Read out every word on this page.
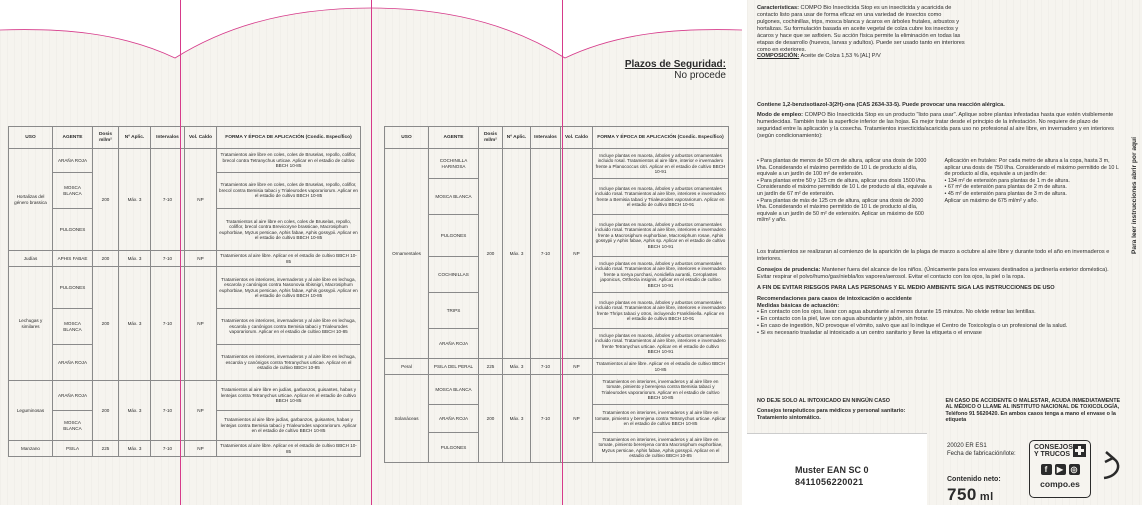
Plazos de Seguridad:
No procede
USO	AGENTE	Dosis ml/m²	Nº Aplic.	Intervalos	Vol. Caldo	FORMA Y ÉPOCA DE APLICACIÓN (Condic. Específico)
Hortalizas del género brassica	ARAÑA ROJA	200	Máx. 3	7-10	NP	Tratamientos aire libre en coles, coles de Bruselas, repollo, coliflor, brecol contra Tetranychus urticae. Aplicar en el estadio de cultivo BBCH 10-85
	MOSCA BLANCA					Tratamientos aire libre en coles, coles de Bruselas, repollo, coliflor, brecol contra Bemisia tabaci y Trialeurodes vaporariorum. Aplicar en el estadio de cultivo BBCH 10-85
	PULGONES					Tratamientos al aire libre en coles, coles de Bruselas, repollo, coliflor, brecol contra Brevicoryne brassicae, Macrosiphum euphorbiae, Myzus persicae, Aphis fabae, Aphis gossypii. Aplicar en el estadio de cultivo BBCH 10-85
Judías	APHIS FABAE	200	Máx. 3	7-10	NP	Tratamientos al aire libre. Aplicar en el estadio de cultivo BBCH 10-85
Lechugas y similares	PULGONES	200	Máx. 3	7-10	NP	Tratamientos en interiores, invernaderos y al aire libre en lechuga, escarola y canónigos contra Nasonovia ribisnigri, Macrosiphum euphorbiae, Myzus persicae, Aphis fabae, Aphis gossypii. Aplicar en el estadio de cultivo BBCH 10-85
	MOSCA BLANCA					Tratamientos en interiores, invernaderos y al aire libre en lechuga, escarola y canónigos contra Bemisia tabaci y Trialeurodes vaporariorum. Aplicar en el estadio de cultivo BBCH 10-85
	ARAÑA ROJA					Tratamientos en interiores, invernaderos y al aire libre en lechuga, escarola y canónigos contra Tetranychus urticae. Aplicar en el estadio de cultivo BBCH 10-85
Leguminosas	ARAÑA ROJA	200	Máx. 3	7-10	NP	Tratamientos al aire libre en judías, garbanzos, guisantes, habas y lentejas contra Tetranychus urticae. Aplicar en el estadio de cultivo BBCH 10-85
	MOSCA BLANCA					Tratamientos al aire libre judías, garbanzos, guisantes, habas y lentejas contra Bemisia tabaci y Trialeurodes vaporariorum. Aplicar en el estadio de cultivo BBCH 10-85
Manzano	PSILA	225	Máx. 3	7-10	NP	Tratamientos al aire libre. Aplicar en el estadio de cultivo BBCH 10-85
USO	AGENTE	Dosis ml/m²	Nº Aplic.	Intervalos	Vol. Caldo	FORMA Y ÉPOCA DE APLICACIÓN (Condic. Específico)
Ornamentales	COCHINILLA HARINOSA	200	Máx. 3	7-10	NP	Incluye plantas en maceta, árboles y arbustos ornamentales incluido rosal. Tratamientos al aire libre, interior e invernadero frente a Planococcus citri. Aplicar en el estadio de cultivo BBCH 10-91
	MOSCA BLANCA					Incluye plantas en maceta, árboles y arbustos ornamentales incluido rosal. Tratamientos al aire libre, interiores e invernadero frente a Bemisia tabaci y Trialeurodes vaporariorum. Aplicar en el estadio de cultivo BBCH 10-91
	PULGONES					Incluye plantas en maceta, árboles y arbustos ornamentales incluido rosal. Tratamientos al aire libre, interiores e invernadero frente a Macrosiphum euphorbiae, Macrosiphum rosae, Aphis gossypii y Aphis fabae, Aphis sp. Aplicar en el estadio de cultivo BBCH 10-91
	COCHINILLAS					Incluye plantas en maceta, árboles y arbustos ornamentales incluido rosal. Tratamientos al aire libre, interiores e invernadero frente a Icerya purchasi, Aonidiella aurantii, Ceroplastes japonicus, Orthezia insignis. Aplicar en el estadio de cultivo BBCH 10-91
	TRIPS					Incluye plantas en maceta, árboles y arbustos ornamentales incluido rosal. Tratamientos al aire libre, interiores e invernadero frente Thrips tabaci y otros, incluyendo Frankliniella. Aplicar en el estadio de cultivo BBCH 10-91
	ARAÑA ROJA					Incluye plantas en maceta, árboles y arbustos ornamentales incluido rosal. Tratamientos al aire libre, interiores e invernadero frente Tetranychus urticae. Aplicar en el estadio de cultivo BBCH 10-91
Peral	PSILA DEL PERAL	225	Máx. 3	7-10	NP	Tratamientos al aire libre. Aplicar en el estadio de cultivo BBCH 10-85
Solanáceas	MOSCA BLANCA	200	Máx. 3	7-10	NP	Tratamientos en interiores, invernaderos y al aire libre en tomate, pimiento y berenjena contra Bemisia tabaci y Trialeurodes vaporariorum. Aplicar en el estadio de cultivo BBCH 10-85
	ARAÑA ROJA					Tratamientos en interiores, invernaderos y al aire libre en tomate, pimiento y berenjena contra Tetranychus urticae. Aplicar en el estadio de cultivo BBCH 10-85
	PULGONES					Tratamientos en interiores, invernaderos y al aire libre en tomate, pimiento berenjena contra Macrosiphum euphorbiae, Myzus persicae, Aphis fabae, Aphis gossypii. Aplicar en el estadio de cultivo BBCH 10-85
Características: COMPO Bio Insecticida Stop es un insecticida y acaricida de contacto listo para usar de forma eficaz en una variedad de insectos como pulgones, cochinillas, trips, mosca blanca y ácaros en árboles frutales, arbustos y hortalizas. Su formulación basada en aceite vegetal de colza cubre los insectos y ácaros y hace que se asfixien. Su acción física permite la eliminación en todas las etapas de desarrollo (huevos, larvas y adultos). Puede ser usado tanto en interiores como en exteriores.
COMPOSICIÓN: Aceite de Colza 1,53 % [AL] P/V
Contiene 1,2-benzisotiazol-3(2H)-ona (CAS 2634-33-5). Puede provocar una reacción alérgica.
Modo de empleo: COMPO Bio Insecticida Stop es un producto "listo para usar". Aplique sobre plantas infestadas hasta que estén visiblemente humedecidas. También trate la superficie inferior de las hojas. Es mejor tratar desde el principio de la infestación. No requiere de plazo de seguridad entre la aplicación y la cosecha. Tratamientos insecticida/acaricida para uso no profesional al aire libre, en invernadero y en interiores (según condicionamiento):
• Para plantas de menos de 50 cm de altura, aplicar una dosis de 1000 l/ha. Considerando el máximo permitido de 10 L de producto al día, equivale a un jardín de 100 m² de extensión.
• Para plantas entre 50 y 125 cm de altura, aplicar una dosis 1500 l/ha. Considerando el máximo permitido de 10 L de producto al día, equivale a un jardín de 67 m² de extensión.
• Para plantas de más de 125 cm de altura, aplicar una dosis de 2000 l/ha. Considerando el máximo permitido de 10 L de producto al día, equivale a un jardín de 50 m² de extensión. Aplicar un máximo de 600 ml/m² y año.
Aplicación en frutales: Por cada metro de altura a la copa, hasta 3 m, aplicar una dosis de 750 l/ha. Considerando el máximo permitido de 10 L de producto al día, equivale a un jardín de:
• 134 m² de extensión para plantas de 1 m de altura.
• 67 m² de extensión para plantas de 2 m de altura.
• 45 m² de extensión para plantas de 3 m de altura.
Aplicar un máximo de 675 ml/m² y año.
Los tratamientos se realizaran al comienzo de la aparición de la plaga de marzo a octubre al aire libre y durante todo el año en invernaderos e interiores.
Consejos de prudencia: Mantener fuera del alcance de los niños. (Únicamente para los envases destinados a jardinería exterior doméstica). Evitar respirar el polvo/humo/gas/niebla/los vapores/aerosol. Evitar el contacto con los ojos, la piel o la ropa.
A FIN DE EVITAR RIESGOS PARA LAS PERSONAS Y EL MEDIO AMBIENTE SIGA LAS INSTRUCCIONES DE USO
Recomendaciones para casos de intoxicación o accidente
Medidas básicas de actuación:
• En contacto con los ojos, lavar con agua abundante al menos durante 15 minutos. No olvide retirar las lentillas.
• En contacto con la piel, lave con agua abundante y jabón, sin frotar.
• En caso de ingestión, NO provoque el vómito, salvo que así lo indique el Centro de Toxicología o un profesional de la salud.
• Si es necesario trasladar al intoxicado a un centro sanitario y lleve la etiqueta o el envase
NO DEJE SOLO AL INTOXICADO EN NINGÚN CASO
Consejos terapéuticos para médicos y personal sanitario: Tratamiento sintomático.
EN CASO DE ACCIDENTE O MALESTAR, ACUDA INMEDIATAMENTE AL MÉDICO O LLAME AL INSTITUTO NACIONAL DE TOXICOLOGÍA, Teléfono 91 5620420. En ambos casos tenga a mano el envase o la etiqueta
Muster EAN SC 0
8411056220021
20020 ER ES1
Fecha de fabricación/lote:
Contenido neto:
750 ml
CONSEJOS
Y TRUCOS
f	▶ ◎
compo.es
Para leer instrucciones abrir por aquí
